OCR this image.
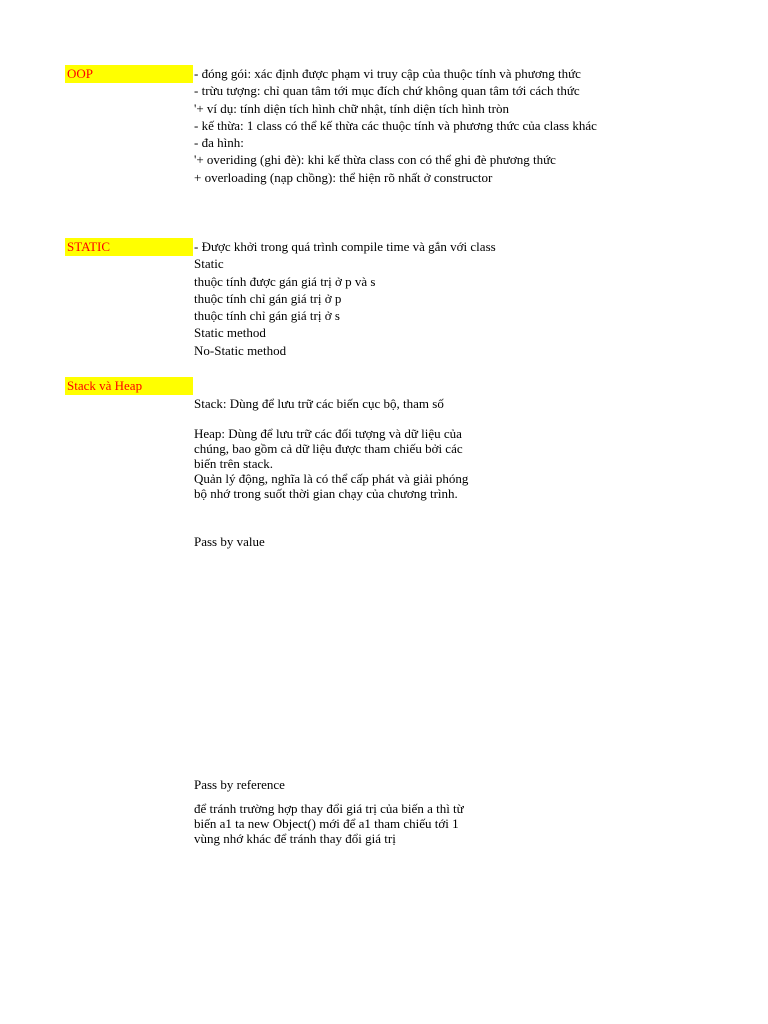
OOP	- đóng gói: xác định được phạm vi truy cập của thuộc tính và phương thức
- trừu tượng: chỉ quan tâm tới mục đích chứ không quan tâm tới cách thức
'+ ví dụ: tính diện tích hình chữ nhật, tính diện tích hình tròn
- kế thừa: 1 class có thể kế thừa các thuộc tính và phương thức của class khác
- đa hình:
'+ overiding (ghi đè): khi kế thừa class con có thể ghi đè phương thức
+ overloading (nạp chồng): thể hiện rõ nhất ở constructor
STATIC	- Được khởi trong quá trình compile time và gắn với class
Static
thuộc tính được gán giá trị ở p và s
thuộc tính chỉ gán giá trị ở p
thuộc tính chỉ gán giá trị ở s
Static method
No-Static method
Stack và Heap
Stack: Dùng để lưu trữ các biến cục bộ, tham số
Heap: Dùng để lưu trữ các đối tượng và dữ liệu của chúng, bao gồm cả dữ liệu được tham chiếu bởi các biến trên stack.
Quản lý động, nghĩa là có thể cấp phát và giải phóng bộ nhớ trong suốt thời gian chạy của chương trình.
Pass by value
Pass by reference
để tránh trường hợp thay đổi giá trị của biến a thì từ biến a1 ta new Object() mới để a1 tham chiếu tới 1 vùng nhớ khác để tránh thay đổi giá trị
